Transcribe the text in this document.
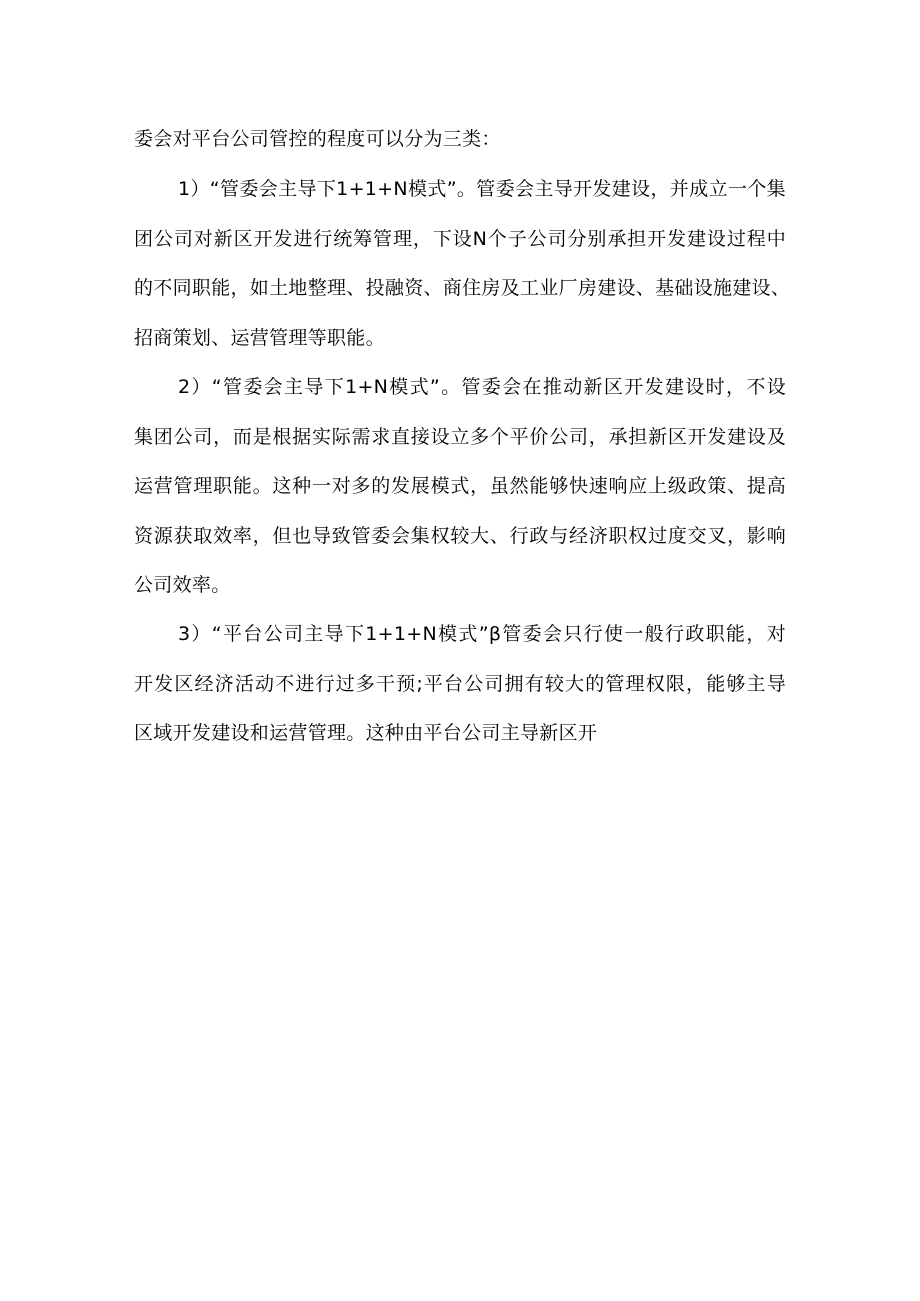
委会对平台公司管控的程度可以分为三类：
1）“管委会主导下1+1+N模式”。管委会主导开发建设，并成立一个集
团公司对新区开发进行统筹管理，下设N个子公司分别承担开发建设过程中
的不同职能，如土地整理、投融资、商住房及工业厂房建设、基础设施建设、
招商策划、运营管理等职能。
2）“管委会主导下1+N模式”。管委会在推动新区开发建设时，不设
集团公司，而是根据实际需求直接设立多个平价公司，承担新区开发建设及
运营管理职能。这种一对多的发展模式，虽然能够快速响应上级政策、提高
资源获取效率，但也导致管委会集权较大、行政与经济职权过度交叉，影响
公司效率。
3）“平台公司主导下1+1+N模式”β管委会只行使一般行政职能，对
开发区经济活动不进行过多干预;平台公司拥有较大的管理权限，能够主导
区域开发建设和运营管理。这种由平台公司主导新区开
